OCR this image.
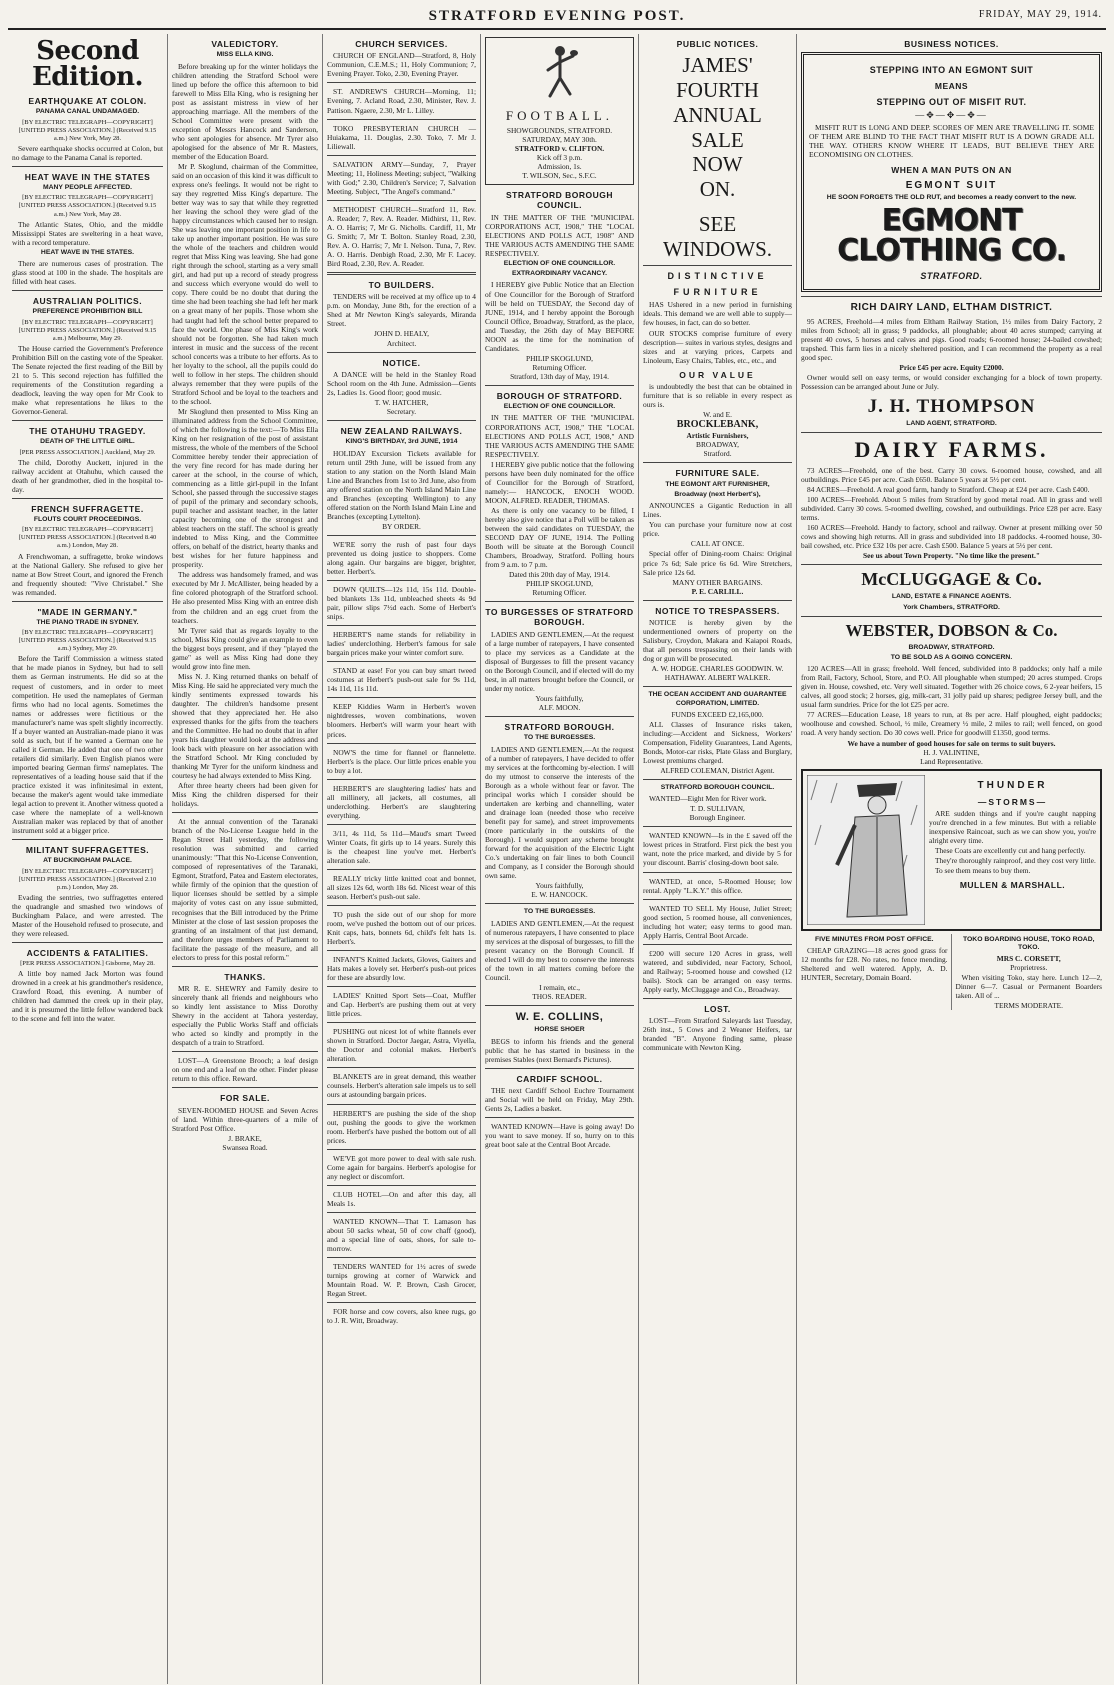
STRATFORD EVENING POST.	FRIDAY, MAY 29, 1914.
Second Edition.
EARTHQUAKE AT COLON.
PANAMA CANAL UNDAMAGED.
[BY ELECTRIC TELEGRAPH—COPYRIGHT] [UNITED PRESS ASSOCIATION.] (Received 9.15 a.m.) New York, May 28.

Severe earthquake shocks occurred at Colon, but no damage to the Panama Canal is reported.

HEAT WAVE IN THE STATES
MANY PEOPLE AFFECTED.
[BY ELECTRIC TELEGRAPH—COPYRIGHT] [UNITED PRESS ASSOCIATION.] (Received 9.15 a.m.) New York, May 28.

The Atlantic States, Ohio, and the middle Mississippi States are sweltering in a heat wave, with a record temperature.

HEAT WAVE IN THE STATES.

There are numerous cases of prostration. The glass stood at 100 in the shade. The hospitals are filled with heat cases.

AUSTRALIAN POLITICS.
PREFERENCE PROHIBITION BILL
[BY ELECTRIC TELEGRAPH—COPYRIGHT] [UNITED PRESS ASSOCIATION.] (Received 9.15 a.m.) Melbourne, May 29.

The House carried the Government's Preference Prohibition Bill on the casting vote of the Speaker. The Senate rejected the first reading of the Bill by 21 to 5. This second rejection has fulfilled the requirements of the Constitution regarding a deadlock, leaving the way open for Mr Cook to make what representations he likes to the Governor-General.

THE OTAHUHU TRAGEDY.
DEATH OF THE LITTLE GIRL.
[PER PRESS ASSOCIATION.] Auckland, May 29.

The child, Dorothy Auckett, injured in the railway accident at Otahuhu, which caused the death of her grandmother, died in the hospital to-day.

FRENCH SUFFRAGETTE.
FLOUTS COURT PROCEEDINGS.
[BY ELECTRIC TELEGRAPH—COPYRIGHT] [UNITED PRESS ASSOCIATION.] (Received 8.40 a.m.) London, May 28.

A Frenchwoman, a suffragette, broke windows at the National Gallery. She refused to give her name at Bow Street Court, and ignored the French and frequently shouted: "Vive Christabel." She was remanded.

"MADE IN GERMANY."
THE PIANO TRADE IN SYDNEY.
[BY ELECTRIC TELEGRAPH—COPYRIGHT] [UNITED PRESS ASSOCIATION.] (Received 9.15 a.m.) Sydney, May 29.

Before the Tariff Commission a witness stated that he made pianos in Sydney, but had to sell them as German instruments. He did so at the request of customers, and in order to meet competition. He used the nameplates of German firms who had no local agents. Sometimes the names or addresses were fictitious or the manufacturer's name was spelt slightly incorrectly. If a buyer wanted an Australian-made piano it was sold as such, but if he wanted a German one he called it German. He added that one of two other retailers did similarly. Even English pianos were imported bearing German firms' nameplates. The representatives of a leading house said that if the practice existed it was infinitesimal in extent, because the maker's agent would take immediate legal action to prevent it. Another witness quoted a case where the nameplate of a well-known Australian maker was replaced by that of another instrument sold at a bigger price.

MILITANT SUFFRAGETTES.
AT BUCKINGHAM PALACE.
[BY ELECTRIC TELEGRAPH—COPYRIGHT] [UNITED PRESS ASSOCIATION.] (Received 2.10 p.m.) London, May 28.

Evading the sentries, two suffragettes entered the quadrangle and smashed two windows of Buckingham Palace, and were arrested. The Master of the Household refused to prosecute, and they were released.

ACCIDENTS & FATALITIES.
[PER PRESS ASSOCIATION.] Gisborne, May 28.

A little boy named Jack Morton was found drowned in a creek at his grandmother's residence, Crawford Road, this evening. A number of children had dammed the creek up in their play, and it is presumed the little fellow wandered back to the scene and fell into the water.

VALEDICTORY.
MISS ELLA KING.

Before breaking up for the winter holidays the children attending the Stratford School were lined up before the office this afternoon to bid farewell to Miss Ella King, who is resigning her post as assistant mistress in view of her approaching marriage. All the members of the School Committee were present with the exception of Messrs Hancock and Sanderson, who sent apologies for absence. Mr Tyrer also apologised for the absence of Mr R. Masters, member of the Education Board.

Mr P. Skoglund, chairman of the Committee, said on an occasion of this kind it was difficult to express one's feelings. It would not be right to say they regretted Miss King's departure. The better way was to say that while they regretted her leaving the school they were glad of the happy circumstances which caused her to resign. She was leaving one important position in life to take up another important position. He was sure the whole of the teachers and children would regret that Miss King was leaving. She had gone right through the school, starting as a very small girl, and had put up a record of steady progress and success which everyone would do well to copy. There could be no doubt that during the time she had been teaching she had left her mark on a great many of her pupils. Those whom she had taught had left the school better prepared to face the world. One phase of Miss King's work should not be forgotten. She had taken much interest in music and the success of the recent school concerts was a tribute to her efforts. As to her loyalty to the school, all the pupils could do well to follow in her steps. The children should always remember that they were pupils of the Stratford School and be loyal to the teachers and to the school.

Mr Skoglund then presented to Miss King an illuminated address from the School Committee, of which the following is the text:—To Miss Ella King on her resignation of the post of assistant mistress, the whole of the members of the School Committee hereby tender their appreciation of the very fine record for has made during her career at the school, in the course of which, commencing as a little girl-pupil in the Infant School, she passed through the successive stages of pupil of the primary and secondary schools, pupil teacher and assistant teacher, in the latter capacity becoming one of the strongest and ablest teachers on the staff. The school is greatly indebted to Miss King, and the Committee offers, on behalf of the district, hearty thanks and best wishes for her future happiness and prosperity.

The address was handsomely framed, and was executed by Mr J. McAllister, being headed by a fine colored photograph of the Stratford school. He also presented Miss King with an entree dish from the children and an egg cruet from the teachers.

Mr Tyrer said that as regards loyalty to the school, Miss King could give an example to even the biggest boys present, and if they "played the game" as well as Miss King had done they would grow into fine men.

Miss N. J. King returned thanks on behalf of Miss King. He said he appreciated very much the kindly sentiments expressed towards his daughter. The children's handsome present showed that they appreciated her. He also expressed thanks for the gifts from the teachers and the Committee. He had no doubt that in after years his daughter would look at the address and look back with pleasure on her association with the Stratford School. Mr King concluded by thanking Mr Tyrer for the uniform kindness and courtesy he had always extended to Miss King.

After three hearty cheers had been given for Miss King the children dispersed for their holidays.

At the annual convention of the Taranaki branch of the No-License League held in the Regan Street Hall yesterday, the following resolution was submitted and carried unanimously: "That this No-License Convention, composed of representatives of the Taranaki, Egmont, Stratford, Patea and Eastern electorates, while firmly of the opinion that the question of liquor licenses should be settled by a simple majority of votes cast on any issue submitted, recognises that the Bill introduced by the Prime Minister at the close of last session proposes the granting of an instalment of that just demand, and therefore urges members of Parliament to facilitate the passage of the measure, and all electors to press for this postal reform."

THANKS.

MR R. E. SHEWRY and Family desire to sincerely thank all friends and neighbours who so kindly lent assistance to Miss Dorothy Shewry in the accident at Tahora yesterday, especially the Public Works Staff and officials who acted so kindly and promptly in the despatch of a train to Stratford.

LOST—A Greenstone Brooch; a leaf design on one end and a leaf on the other. Finder please return to this office. Reward.

FOR SALE.

SEVEN-ROOMED HOUSE and Seven Acres of land. Within three-quarters of a mile of Stratford Post Office.

J. BRAKE,
Swansea Road.
CHURCH SERVICES.

CHURCH OF ENGLAND—Stratford, 8, Holy Communion, C.E.M.S.; 11, Holy Communion; 7, Evening Prayer. Toko, 2.30, Evening Prayer.

ST. ANDREW'S CHURCH—Morning, 11; Evening, 7. Acland Road, 2.30, Minister, Rev. J. Pattison. Ngaere, 2.30, Mr L. Lilley.

TOKO PRESBYTERIAN CHURCH —Huiakama, 11. Douglas, 2.30. Toko, 7. Mr J. Liliewall.

SALVATION ARMY—Sunday, 7, Prayer Meeting; 11, Holiness Meeting; subject, "Walking with God;" 2.30, Children's Service; 7, Salvation Meeting. Subject, "The Angel's command."

METHODIST CHURCH—Stratford 11, Rev. A. Reader; 7, Rev. A. Reader. Midhirst, 11, Rev. A. O. Harris; 7, Mr G. Nicholls. Cardiff, 11, Mr G. Smith; 7, Mr T. Bolton. Stanley Road, 2.30, Rev. A. O. Harris; 7, Mr I. Nelson. Tuna, 7, Rev. A. O. Harris. Denbigh Road, 2.30, Mr F. Lacey. Bird Road, 2.30, Rev. A. Reader.

TO BUILDERS.

TENDERS will be received at my office up to 4 p.m. on Monday, June 8th, for the erection of a Shed at Mr Newton King's saleyards, Miranda Street.

JOHN D. HEALY,
Architect.
NOTICE.

A DANCE will be held in the Stanley Road School room on the 4th June. Admission—Gents 2s, Ladies 1s. Good floor; good music.

T. W. HATCHER,
Secretary.
NEW ZEALAND RAILWAYS.
KING'S BIRTHDAY, 3rd JUNE, 1914

HOLIDAY Excursion Tickets available for return until 29th June, will be issued from any station to any station on the North Island Main Line and Branches from 1st to 3rd June, also from any offered station on the North Island Main Line and Branches (excepting Wellington) to any offered station on the North Island Main Line and Branches (excepting Lyttelton).

BY ORDER.

WE'RE sorry the rush of past four days prevented us doing justice to shoppers. Come along again. Our bargains are bigger, brighter, better. Herbert's.

DOWN QUILTS—12s 11d, 15s 11d. Double-bed blankets 13s 11d, unbleached sheets 4s 9d pair, pillow slips 7½d each. Some of Herbert's snips.

HERBERT'S name stands for reliability in ladies' underclothing. Herbert's famous for sale bargain prices make your winter comfort sure.

STAND at ease! For you can buy smart tweed costumes at Herbert's push-out sale for 9s 11d, 14s 11d, 11s 11d.

KEEP Kiddies Warm in Herbert's woven nightdresses, woven combinations, woven bloomers. Herbert's will warm your heart with prices.

NOW'S the time for flannel or flannelette. Herbert's is the place. Our little prices enable you to buy a lot.

HERBERT'S are slaughtering ladies' hats and all millinery, all jackets, all costumes, all underclothing. Herbert's are slaughtering everything.

3/11, 4s 11d, 5s 11d—Maud's smart Tweed Winter Coats, fit girls up to 14 years. Surely this is the cheapest line you've met. Herbert's alteration sale.

REALLY tricky little knitted coat and bonnet, all sizes 12s 6d, worth 18s 6d. Nicest wear of this season. Herbert's push-out sale.

TO push the side out of our shop for more room, we've pushed the bottom out of our prices. Knit caps, hats, bonnets 6d, child's felt hats 1s. Herbert's.

INFANT'S Knitted Jackets, Gloves, Gaiters and Hats makes a lovely set. Herbert's push-out prices for these are absurdly low.

LADIES' Knitted Sport Sets—Coat, Muffler and Cap. Herbert's are pushing them out at very little prices.

PUSHING out nicest lot of white flannels ever shown in Stratford. Doctor Jaegar, Astra, Viyella, the Doctor and colonial makes. Herbert's alteration.

BLANKETS are in great demand, this weather counsels. Herbert's alteration sale impels us to sell ours at astounding bargain prices.

HERBERT'S are pushing the side of the shop out, pushing the goods to give the workmen room. Herbert's have pushed the bottom out of all prices.

WE'VE got more power to deal with sale rush. Come again for bargains. Herbert's apologise for any neglect or discomfort.

CLUB HOTEL—On and after this day, all Meals 1s.

WANTED KNOWN—That T. Lamason has about 50 sacks wheat, 50 of cow chaff (good), and a special line of oats, shoes, for sale to-morrow.

TENDERS WANTED for 1½ acres of swede turnips growing at corner of Warwick and Mountain Road. W. P. Brown, Cash Grocer, Regan Street.

FOR horse and cow covers, also knee rugs, go to J. R. Witt, Broadway.

FOOTBALL.
SHOWGROUNDS, STRATFORD.
SATURDAY, MAY 30th.
STRATFORD v. CLIFTON.
Kick off 3 p.m.
Admission, 1s.
T. WILSON, Sec., S.F.C.
STRATFORD BOROUGH COUNCIL.

IN THE MATTER OF THE "MUNICIPAL CORPORATIONS ACT, 1908," THE "LOCAL ELECTIONS AND POLLS ACT, 1908" AND THE VARIOUS ACTS AMENDING THE SAME RESPECTIVELY.

ELECTION OF ONE COUNCILLOR.
EXTRAORDINARY VACANCY.

I HEREBY give Public Notice that an Election of One Councillor for the Borough of Stratford will be held on TUESDAY, the Second day of JUNE, 1914, and I hereby appoint the Borough Council Office, Broadway, Stratford, as the place, and Tuesday, the 26th day of May BEFORE NOON as the time for the nomination of Candidates.

PHILIP SKOGLUND,
Returning Officer.
Stratford, 13th day of May, 1914.
BOROUGH OF STRATFORD.
ELECTION OF ONE COUNCILLOR.

IN THE MATTER OF THE "MUNICIPAL CORPORATIONS ACT, 1908," THE "LOCAL ELECTIONS AND POLLS ACT, 1908," AND THE VARIOUS ACTS AMENDING THE SAME RESPECTIVELY.

I HEREBY give public notice that the following persons have been duly nominated for the office of Councillor for the Borough of Stratford, namely:— HANCOCK, ENOCH WOOD. MOON, ALFRED. READER, THOMAS.

As there is only one vacancy to be filled, I hereby also give notice that a Poll will be taken as between the said candidates on TUESDAY, the SECOND DAY OF JUNE, 1914. The Polling Booth will be situate at the Borough Council Chambers, Broadway, Stratford. Polling hours from 9 a.m. to 7 p.m.

Dated this 20th day of May, 1914.
PHILIP SKOGLUND,
Returning Officer.
TO BURGESSES OF STRATFORD BOROUGH.

LADIES AND GENTLEMEN,—At the request of a large number of ratepayers, I have consented to place my services as a Candidate at the disposal of Burgesses to fill the present vacancy on the Borough Council, and if elected will do my best, in all matters brought before the Council, or under my notice.

Yours faithfully,
ALF. MOON.
STRATFORD BOROUGH.
TO THE BURGESSES.

LADIES AND GENTLEMEN,—At the request of a number of ratepayers, I have decided to offer my services at the forthcoming by-election. I will do my utmost to conserve the interests of the Borough as a whole without fear or favor. The principal works which I consider should be undertaken are kerbing and channelling, water and drainage loan (needed those who receive benefit pay for same), and street improvements (more particularly in the outskirts of the Borough). I would support any scheme brought forward for the acquisition of the Electric Light Co.'s undertaking on fair lines to both Council and Company, as I consider the Borough should own same.

Yours faithfully,
E. W. HANCOCK.
TO THE BURGESSES.

LADIES AND GENTLEMEN,—At the request of numerous ratepayers, I have consented to place my services at the disposal of burgesses, to fill the present vacancy on the Borough Council. If elected I will do my best to conserve the interests of the town in all matters coming before the Council.

I remain, etc.,
THOS. READER.
W. E. COLLINS,
HORSE SHOER

BEGS to inform his friends and the general public that he has started in business in the premises Stables (next Bernard's Pictures).

CARDIFF SCHOOL.

THE next Cardiff School Euchre Tournament and Social will be held on Friday, May 29th. Gents 2s, Ladies a basket.

WANTED KNOWN—Have is going away! Do you want to save money. If so, hurry on to this great boot sale at the Central Boot Arcade.

PUBLIC NOTICES.
JAMES'
FOURTH
ANNUAL
SALE
NOW
ON.
SEE
WINDOWS.
DISTINCTIVE
FURNITURE

HAS Ushered in a new period in furnishing ideals. This demand we are well able to supply—few houses, in fact, can do so better.

OUR STOCKS comprise furniture of every description— suites in various styles, designs and sizes and at varying prices, Carpets and Linoleum, Easy Chairs, Tables, etc., etc., and

OUR VALUE

is undoubtedly the best that can be obtained in furniture that is so reliable in every respect as ours is.

W. and E.
BROCKLEBANK,
Artistic Furnishers,
BROADWAY,
Stratford.
FURNITURE SALE.
THE EGMONT ART FURNISHER,
Broadway (next Herbert's),

ANNOUNCES a Gigantic Reduction in all Lines.

You can purchase your furniture now at cost price.

CALL AT ONCE.

Special offer of Dining-room Chairs: Original price 7s 6d; Sale price 6s 6d. Wire Stretchers, Sale price 12s 6d.

MANY OTHER BARGAINS.
P. E. CARLILL.
NOTICE TO TRESPASSERS.

NOTICE is hereby given by the undermentioned owners of property on the Salisbury, Croydon, Makara and Kaiapoi Roads, that all persons trespassing on their lands with dog or gun will be prosecuted.

A. W. HODGE. CHARLES GOODWIN. W. HATHAWAY. ALBERT WALKER.
THE OCEAN ACCIDENT AND GUARANTEE CORPORATION, LIMITED.
FUNDS EXCEED £2,165,000.

ALL Classes of Insurance risks taken, including:—Accident and Sickness, Workers' Compensation, Fidelity Guarantees, Land Agents, Bonds, Motor-car risks, Plate Glass and Burglary, Lowest premiums charged.

ALFRED COLEMAN, District Agent.
STRATFORD BOROUGH COUNCIL.

WANTED—Eight Men for River work.

T. D. SULLIVAN,
Borough Engineer.

WANTED KNOWN—Is in the £ saved off the lowest prices in Stratford. First pick the best you want, note the price marked, and divide by 5 for your discount. Barris' closing-down boot sale.

WANTED, at once, 5-Roomed House; low rental. Apply "L.K.Y." this office.

WANTED TO SELL My House, Juliet Street; good section, 5 roomed house, all conveniences, including hot water; easy terms to good man. Apply Harris, Central Boot Arcade.

£200 will secure 120 Acres in grass, well watered, and subdivided, near Factory, School, and Railway; 5-roomed house and cowshed (12 bails). Stock can be arranged on easy terms. Apply early, McCluggage and Co., Broadway.

LOST.

LOST—From Stratford Saleyards last Tuesday, 26th inst., 5 Cows and 2 Weaner Heifers, tar branded "B". Anyone finding same, please communicate with Newton King.

BUSINESS NOTICES.
STEPPING INTO AN EGMONT SUIT
MEANS
STEPPING OUT OF MISFIT RUT.
—✥—✥—✥—

MISFIT RUT IS LONG AND DEEP. SCORES OF MEN ARE TRAVELLING IT. SOME OF THEM ARE BLIND TO THE FACT THAT MISFIT RUT IS A DOWN GRADE ALL THE WAY. OTHERS KNOW WHERE IT LEADS, BUT BELIEVE THEY ARE ECONOMISING ON CLOTHES.

WHEN A MAN PUTS ON AN
EGMONT SUIT
HE SOON FORGETS THE OLD RUT, and becomes a ready convert to the new.
EGMONT CLOTHING CO.
STRATFORD.
RICH DAIRY LAND, ELTHAM DISTRICT.

95 ACRES, Freehold—4 miles from Eltham Railway Station, 1½ miles from Dairy Factory, 2 miles from School; all in grass; 9 paddocks, all ploughable; about 40 acres stumped; carrying at present 40 cows, 5 horses and calves and pigs. Good roads; 6-roomed house; 24-bailed cowshed; trapshed. This farm lies in a nicely sheltered position, and I can recommend the property as a real good spec.

Price £45 per acre. Equity £2000.

Owner would sell on easy terms, or would consider exchanging for a block of town property. Possession can be arranged about June or July.

J. H. THOMPSON
LAND AGENT, STRATFORD.
DAIRY FARMS.

73 ACRES—Freehold, one of the best. Carry 30 cows. 6-roomed house, cowshed, and all outbuildings. Price £45 per acre. Cash £650. Balance 5 years at 5½ per cent.

84 ACRES—Freehold. A real good farm, handy to Stratford. Cheap at £24 per acre. Cash £400.

100 ACRES—Freehold. About 5 miles from Stratford by good metal road. All in grass and well subdivided. Carry 30 cows. 5-roomed dwelling, cowshed, and outbuildings. Price £28 per acre. Easy terms.

160 ACRES—Freehold. Handy to factory, school and railway. Owner at present milking over 50 cows and showing high returns. All in grass and subdivided into 18 paddocks. 4-roomed house, 30-bail cowshed, etc. Price £32 10s per acre. Cash £500. Balance 5 years at 5½ per cent.

See us about Town Property. "No time like the present."
McCLUGGAGE & Co.
LAND, ESTATE & FINANCE AGENTS.
York Chambers, STRATFORD.
WEBSTER, DOBSON & Co.
BROADWAY, STRATFORD.
TO BE SOLD AS A GOING CONCERN.

120 ACRES—All in grass; freehold. Well fenced, subdivided into 8 paddocks; only half a mile from Rail, Factory, School, Store, and P.O. All ploughable when stumped; 20 acres stumped. Crops given in. House, cowshed, etc. Very well situated. Together with 26 choice cows, 6 2-year heifers, 15 calves, all good stock; 2 horses, gig, milk-cart, 31 jolly paid up shares; pedigree Jersey bull, and the usual farm sundries. Price for the lot £25 per acre.

77 ACRES—Education Lease, 18 years to run, at 8s per acre. Half ploughed, eight paddocks; woolhouse and cowshed. School, ½ mile, Creamery ½ mile, 2 miles to rail; well fenced, on good road. A very handy section. Do 30 cows well. Price for goodwill £1350, good terms.

We have a number of good houses for sale on terms to suit buyers.
H. J. VALINTINE,
Land Representative.
THUNDER
—STORMS—

ARE sudden things and if you're caught napping you're drenched in a few minutes. But with a reliable inexpensive Raincoat, such as we can show you, you're alright every time.

These Coats are excellently cut and hang perfectly.

They're thoroughly rainproof, and they cost very little.

To see them means to buy them.

MULLEN & MARSHALL.
FIVE MINUTES FROM POST OFFICE.

CHEAP GRAZING—18 acres good grass for 12 months for £28. No rates, no fence mending. Sheltered and well watered. Apply, A. D. HUNTER, Secretary, Domain Board.

TOKO BOARDING HOUSE, TOKO ROAD, TOKO.
MRS C. CORSETT,
Proprietress.

When visiting Toko, stay here. Lunch 12—2, Dinner 6—7. Casual or Permanent Boarders taken. All of ...

TERMS MODERATE.
